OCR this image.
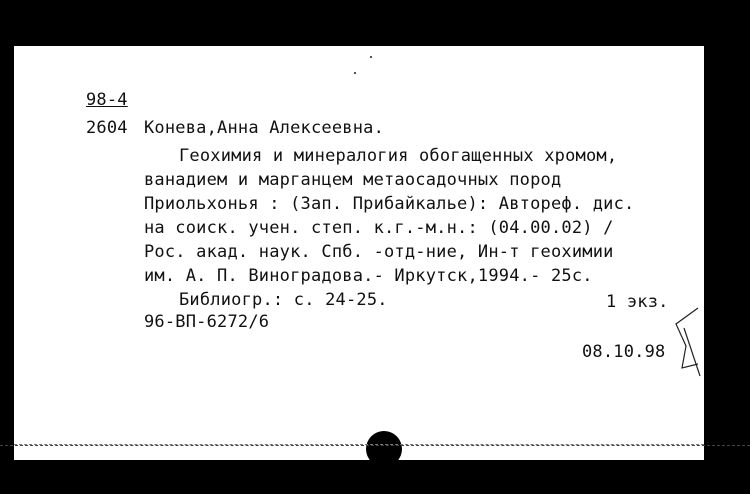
98-4
2604 Конева,Анна Алексеевна.
Геохимия и минералогия обогащенных хромом,
ванадием и марганцем метаосадочных пород
Приольхонья : (Зап. Прибайкалье): Автореф. дис.
на соиск. учен. степ. к.г.-м.н.: (04.00.02) /
Рос. акад. наук. Спб. -отд-ние, Ин-т геохимии
им. А. П. Виноградова.- Иркутск,1994.- 25с.
Библиогр.: с. 24-25.	1 экз.
96-ВП-6272/6
08.10.98
